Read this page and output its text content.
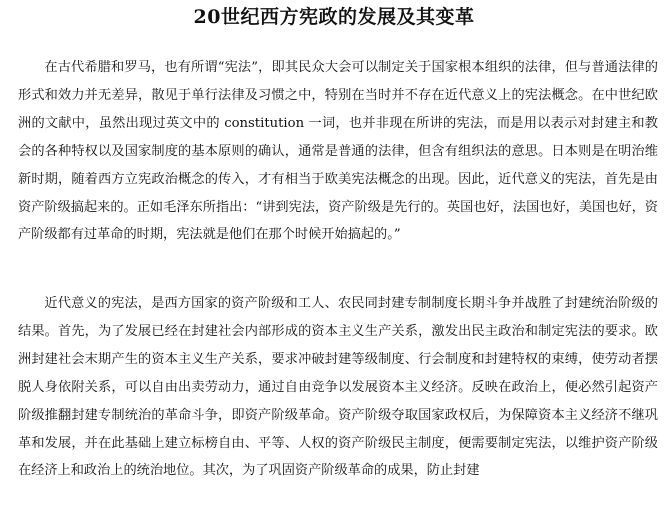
20世纪西方宪政的发展及其变革

在古代希腊和罗马，也有所谓“宪法”，即其民众大会可以制定关于国家根本组织的法律，但与普通法律的形式和效力并无差异，散见于单行法律及习惯之中，特别在当时并不存在近代意义上的宪法概念。在中世纪欧洲的文献中，虽然出现过英文中的 constitution 一词，也并非现在所讲的宪法，而是用以表示对封建主和教会的各种特权以及国家制度的基本原则的确认，通常是普通的法律，但含有组织法的意思。日本则是在明治维新时期，随着西方立宪政治概念的传入，才有相当于欧美宪法概念的出现。因此，近代意义的宪法，首先是由资产阶级搞起来的。正如毛泽东所指出：“讲到宪法，资产阶级是先行的。英国也好，法国也好，美国也好，资产阶级都有过革命的时期，宪法就是他们在那个时候开始搞起的。”

近代意义的宪法，是西方国家的资产阶级和工人、农民同封建专制制度长期斗争并战胜了封建统治阶级的结果。首先，为了发展已经在封建社会内部形成的资本主义生产关系，激发出民主政治和制定宪法的要求。欧洲封建社会末期产生的资本主义生产关系，要求冲破封建等级制度、行会制度和封建特权的束缚，使劳动者摆脱人身依附关系，可以自由出卖劳动力，通过自由竞争以发展资本主义经济。反映在政治上，便必然引起资产阶级推翻封建专制统治的革命斗争，即资产阶级革命。资产阶级夺取国家政权后，为保障资本主义经济不继巩革和发展，并在此基础上建立标榜自由、平等、人权的资产阶级民主制度，便需要制定宪法，以维护资产阶级在经济上和政治上的统治地位。其次，为了巩固资产阶级革命的成果，防止封建
